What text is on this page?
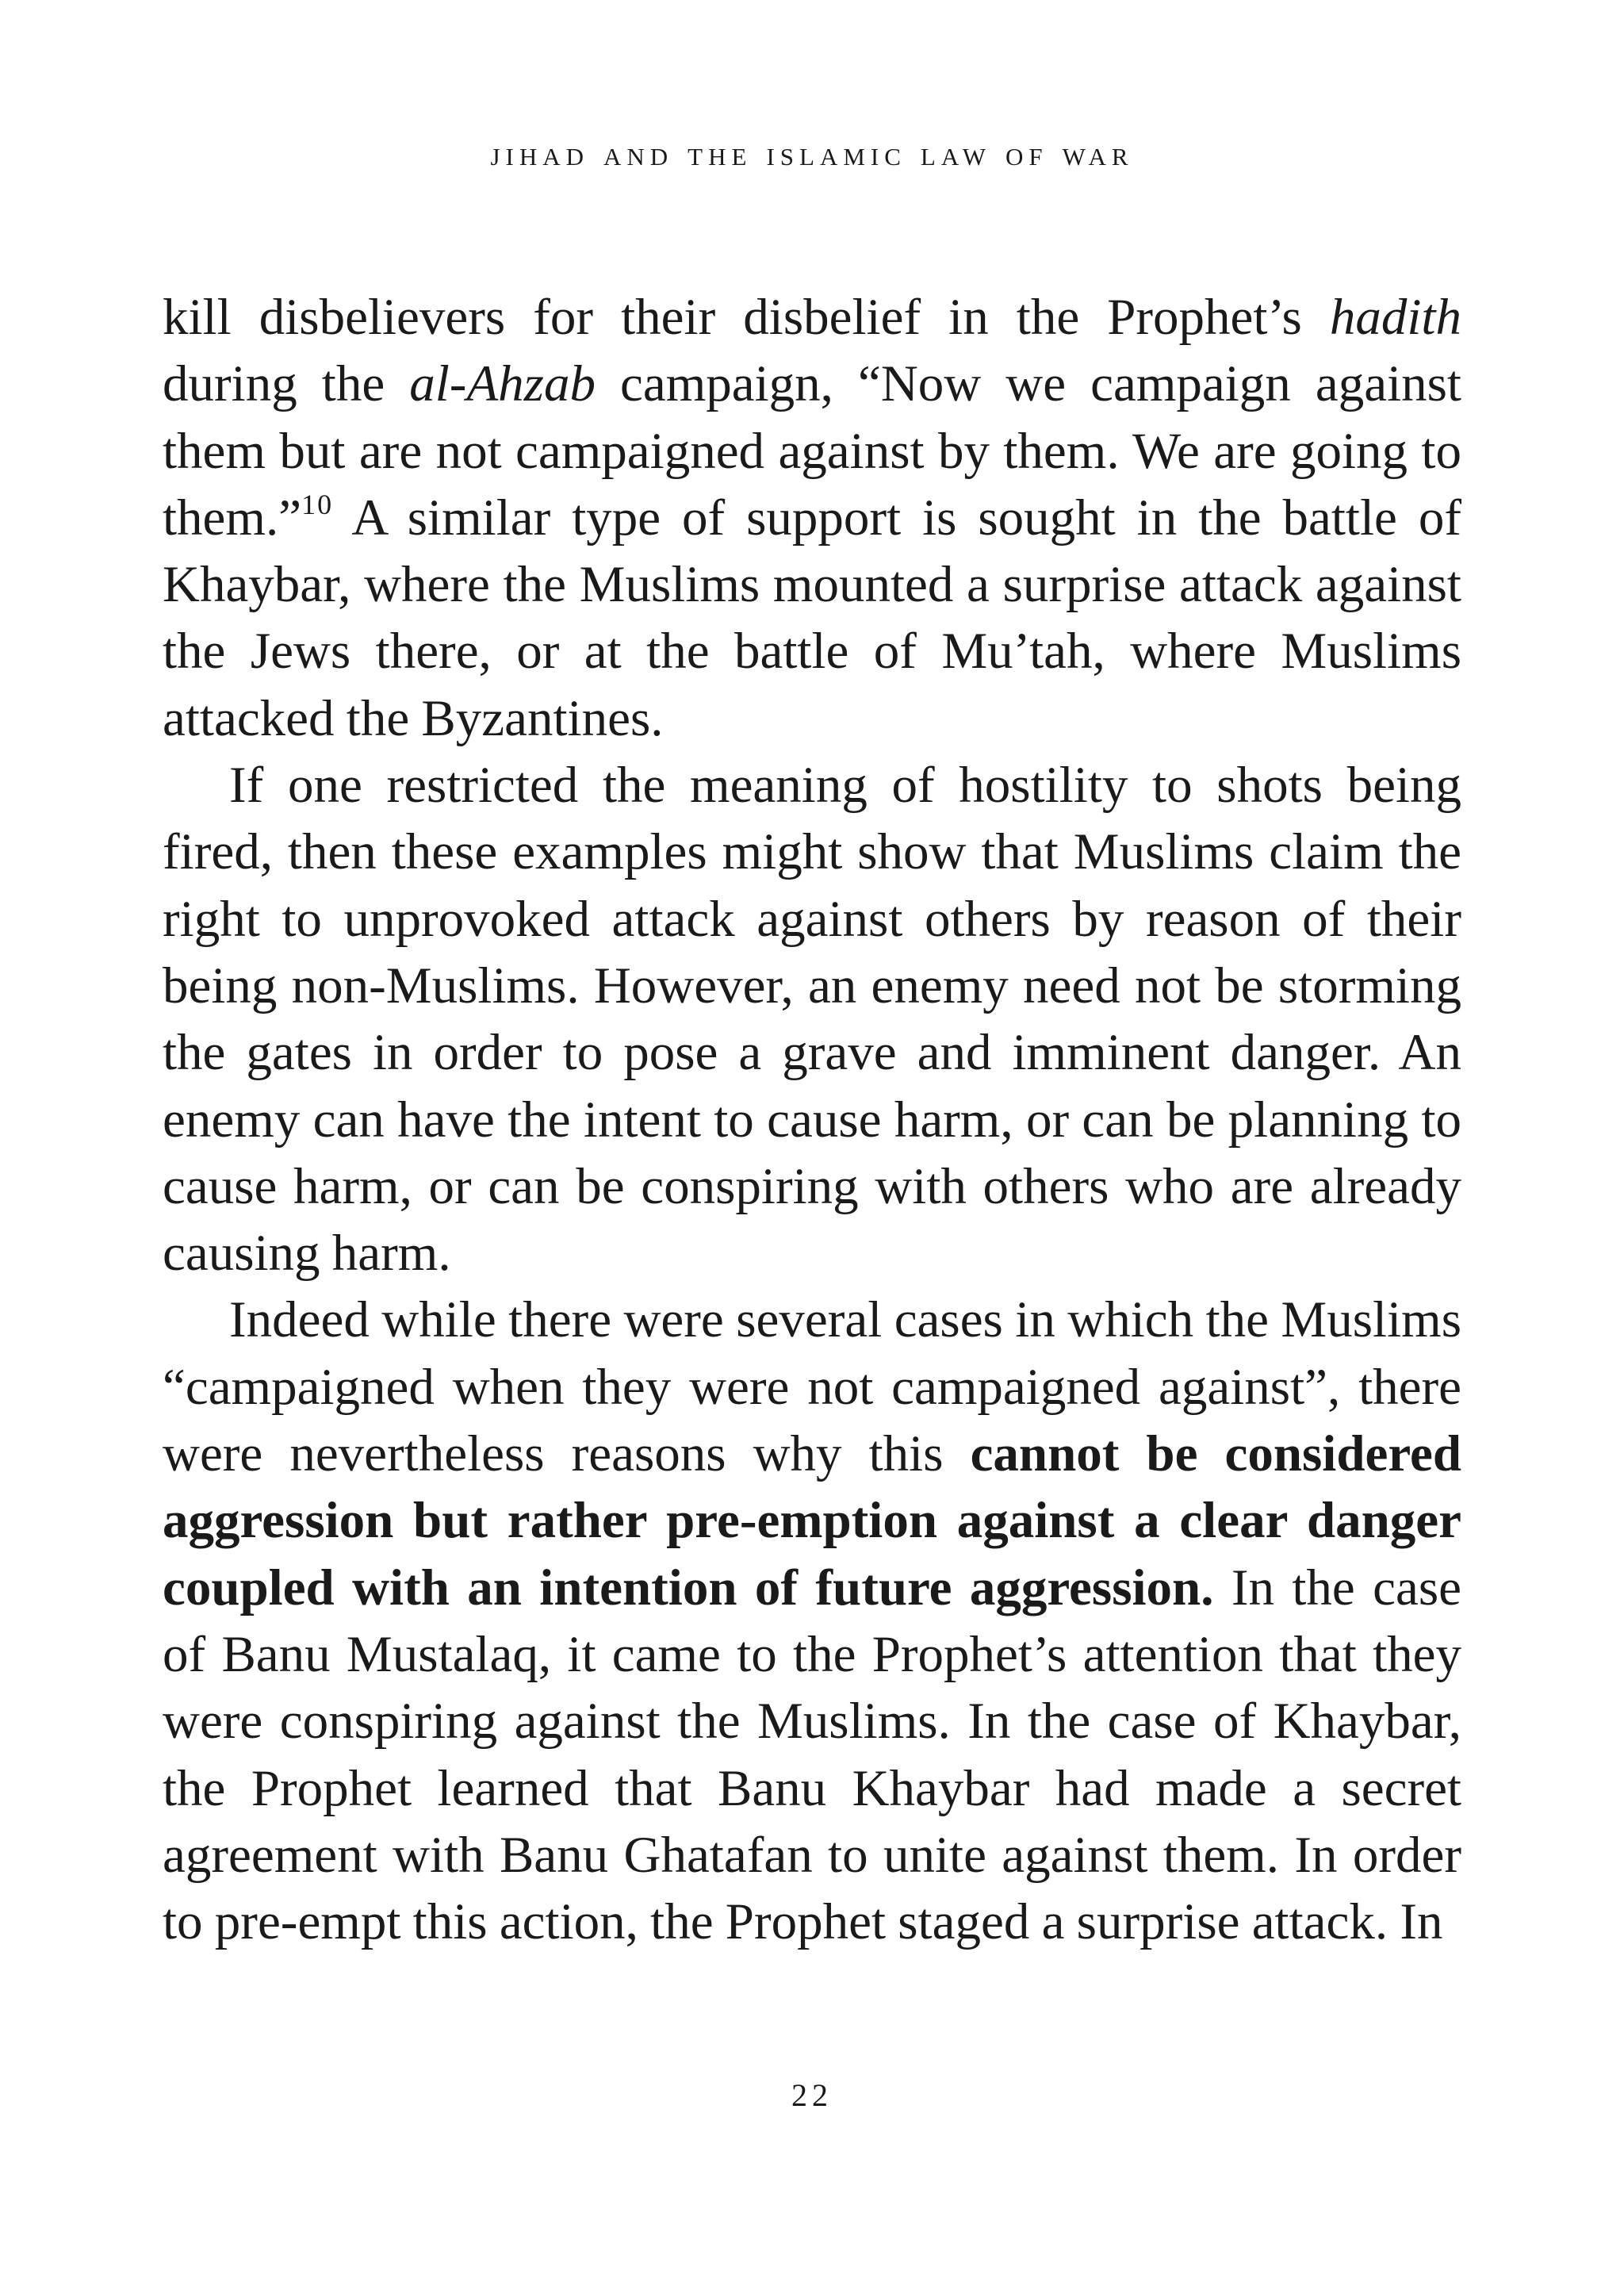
jihad and the islamic law of war

kill disbelievers for their disbelief in the Prophet’s hadith during the al-Ahzab campaign, “Now we campaign against them but are not campaigned against by them. We are going to them.”$^{10}$ A similar type of support is sought in the battle of Khaybar, where the Muslims mounted a surprise attack against the Jews there, or at the battle of Mu’tah, where Muslims attacked the Byzantines.

If one restricted the meaning of hostility to shots being fired, then these examples might show that Muslims claim the right to unprovoked attack against others by reason of their being non-Muslims. However, an enemy need not be storming the gates in order to pose a grave and imminent danger. An enemy can have the intent to cause harm, or can be planning to cause harm, or can be conspiring with others who are already causing harm.

Indeed while there were several cases in which the Muslims “campaigned when they were not campaigned against”, there were nevertheless reasons why this cannot be considered aggression but rather pre-emption against a clear danger coupled with an intention of future aggression. In the case of Banu Mustalaq, it came to the Prophet’s attention that they were conspiring against the Muslims. In the case of Khaybar, the Prophet learned that Banu Khaybar had made a secret agreement with Banu Ghatafan to unite against them. In order to pre-empt this action, the Prophet staged a surprise attack. In

22
